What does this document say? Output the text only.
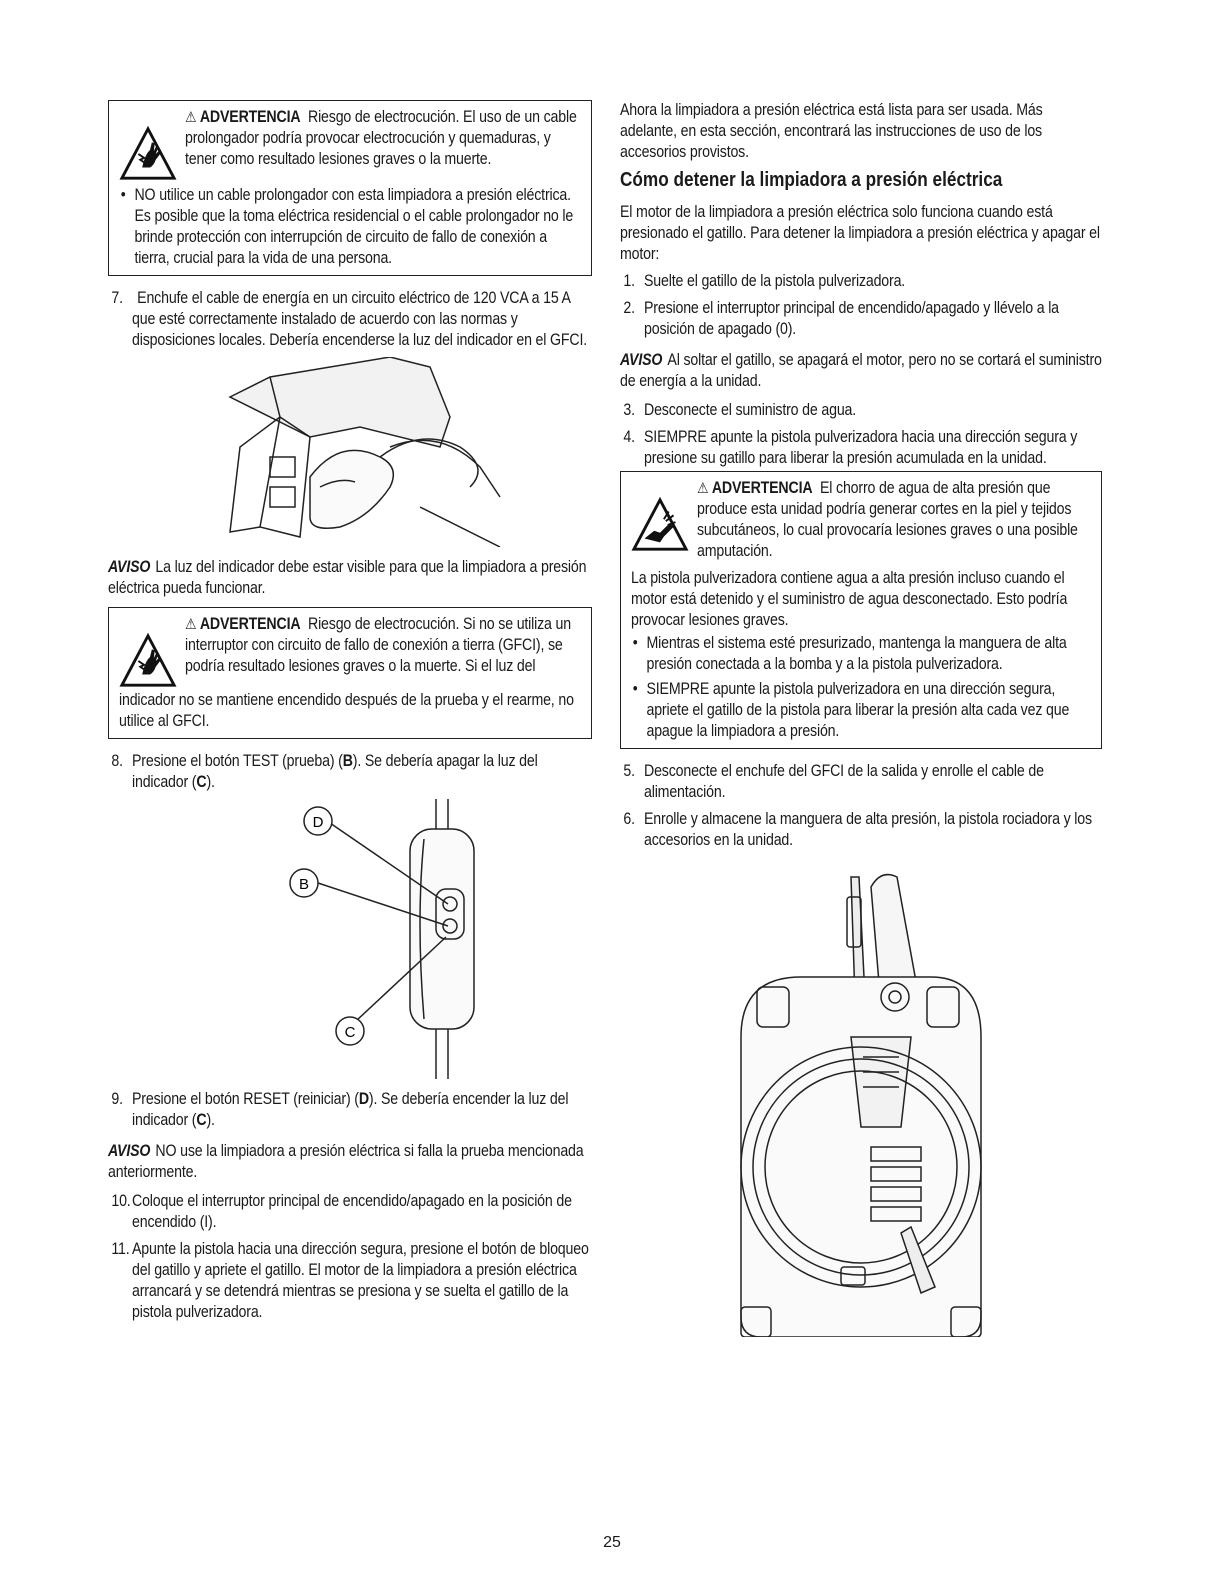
⚠ ADVERTENCIA Riesgo de electrocución. El uso de un cable prolongador podría provocar electrocución y quemaduras, y tener como resultado lesiones graves o la muerte.

• NO utilice un cable prolongador con esta limpiadora a presión eléctrica. Es posible que la toma eléctrica residencial o el cable prolongador no le brinde protección con interrupción de circuito de fallo de conexión a tierra, crucial para la vida de una persona.

7. Enchufe el cable de energía en un circuito eléctrico de 120 VCA a 15 A que esté correctamente instalado de acuerdo con las normas y disposiciones locales. Debería encenderse la luz del indicador en el GFCI.

AVISO La luz del indicador debe estar visible para que la limpiadora a presión eléctrica pueda funcionar.

⚠ ADVERTENCIA Riesgo de electrocución. Si no se utiliza un interruptor con circuito de fallo de conexión a tierra (GFCI), se podría resultado lesiones graves o la muerte. Si el luz del

indicador no se mantiene encendido después de la prueba y el rearme, no utilice al GFCI.

8. Presione el botón TEST (prueba) (B). Se debería apagar la luz del indicador (C).

D
B
C

9. Presione el botón RESET (reiniciar) (D). Se debería encender la luz del indicador (C).

AVISO NO use la limpiadora a presión eléctrica si falla la prueba mencionada anteriormente.

10.Coloque el interruptor principal de encendido/apagado en la posición de encendido (I).

11. Apunte la pistola hacia una dirección segura, presione el botón de bloqueo del gatillo y apriete el gatillo. El motor de la limpiadora a presión eléctrica arrancará y se detendrá mientras se presiona y se suelta el gatillo de la pistola pulverizadora.

Ahora la limpiadora a presión eléctrica está lista para ser usada. Más adelante, en esta sección, encontrará las instrucciones de uso de los accesorios provistos.

Cómo detener la limpiadora a presión eléctrica

El motor de la limpiadora a presión eléctrica solo funciona cuando está presionado el gatillo. Para detener la limpiadora a presión eléctrica y apagar el motor:

1. Suelte el gatillo de la pistola pulverizadora.

2. Presione el interruptor principal de encendido/apagado y llévelo a la posición de apagado (0).

AVISO Al soltar el gatillo, se apagará el motor, pero no se cortará el suministro de energía a la unidad.

3. Desconecte el suministro de agua.

4. SIEMPRE apunte la pistola pulverizadora hacia una dirección segura y presione su gatillo para liberar la presión acumulada en la unidad.

⚠ ADVERTENCIA El chorro de agua de alta presión que produce esta unidad podría generar cortes en la piel y tejidos subcutáneos, lo cual provocaría lesiones graves o una posible amputación.

La pistola pulverizadora contiene agua a alta presión incluso cuando el motor está detenido y el suministro de agua desconectado. Esto podría provocar lesiones graves.

• Mientras el sistema esté presurizado, mantenga la manguera de alta presión conectada a la bomba y a la pistola pulverizadora.

• SIEMPRE apunte la pistola pulverizadora en una dirección segura, apriete el gatillo de la pistola para liberar la presión alta cada vez que apague la limpiadora a presión.

5. Desconecte el enchufe del GFCI de la salida y enrolle el cable de alimentación.

6. Enrolle y almacene la manguera de alta presión, la pistola rociadora y los accesorios en la unidad.

25
